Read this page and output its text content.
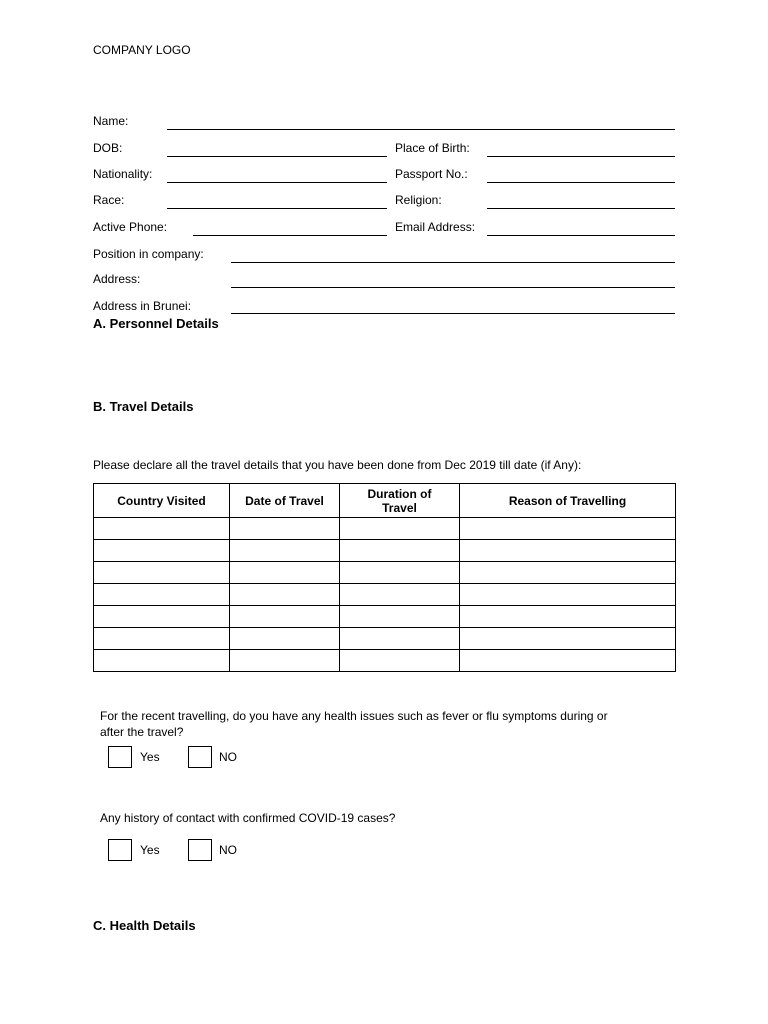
COMPANY LOGO
Name:
DOB:	Place of Birth:
Nationality:	Passport No.:
Race:	Religion:
Active Phone:	Email Address:
Position in company:
Address:
Address in Brunei:
A. Personnel Details
B. Travel Details
Please declare all the travel details that you have been done from Dec 2019 till date (if Any):
Country Visited	Date of Travel	Duration of Travel	Reason of Travelling

For the recent travelling, do you have any health issues such as fever or flu symptoms during or
after the travel?
Yes	NO
Any history of contact with confirmed COVID-19 cases?
Yes	NO
C. Health Details
